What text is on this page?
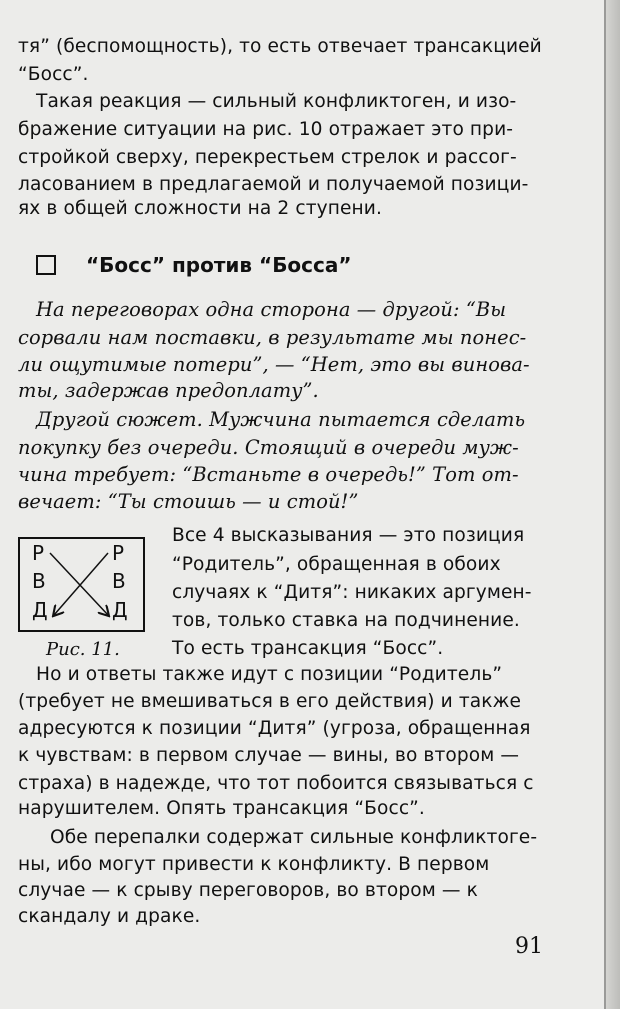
тя” (беспомощность), то есть отвечает трансакцией
“Босс”.
Такая реакция — сильный конфликтоген, и изо-
бражение ситуации на рис. 10 отражает это при-
стройкой сверху, перекрестьем стрелок и рассог-
ласованием в предлагаемой и получаемой позици-
ях в общей сложности на 2 ступени.
“Босс” против “Босса”
На переговорах одна сторона — другой: “Вы
сорвали нам поставки, в результате мы понес-
ли ощутимые потери”, — “Нет, это вы винова-
ты, задержав предоплату”.
Другой сюжет. Мужчина пытается сделать
покупку без очереди. Стоящий в очереди муж-
чина требует: “Встаньте в очередь!” Тот от-
вечает: “Ты стоишь — и стой!”
Р
В
Д
Р
В
Д
Рис. 11.
Все 4 высказывания — это позиция
“Родитель”, обращенная в обоих
случаях к “Дитя”: никаких аргумен-
тов, только ставка на подчинение.
То есть трансакция “Босс”.
Но и ответы также идут с позиции “Родитель”
(требует не вмешиваться в его действия) и также
адресуются к позиции “Дитя” (угроза, обращенная
к чувствам: в первом случае — вины, во втором —
страха) в надежде, что тот побоится связываться с
нарушителем. Опять трансакция “Босс”.
Обе перепалки содержат сильные конфликтоге-
ны, ибо могут привести к конфликту. В первом
случае — к срыву переговоров, во втором — к
скандалу и драке.
91
